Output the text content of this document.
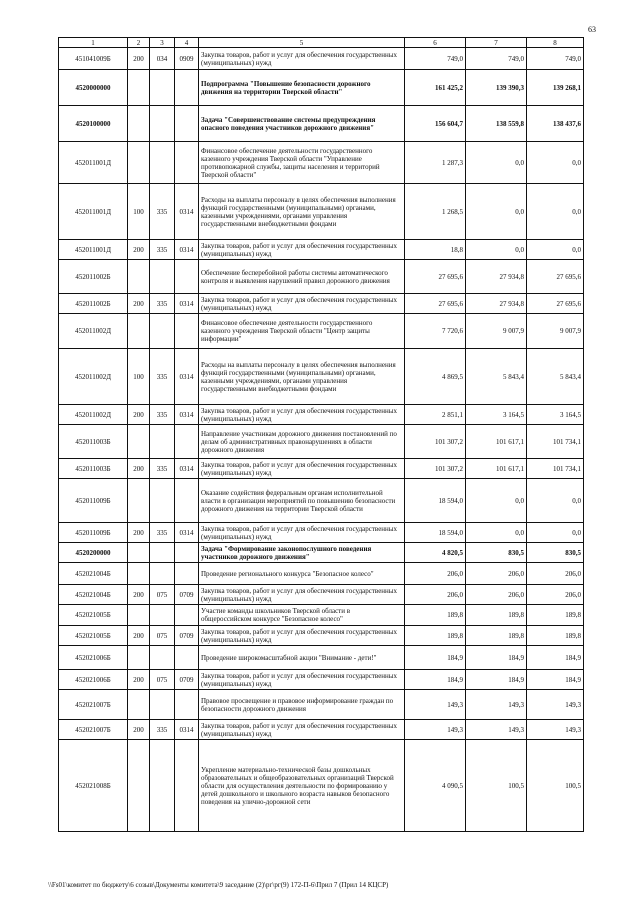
63
1	2	3	4	5	6	7	8
451041009Б	200	034	0909	Закупка товаров, работ и услуг для обеспечения государственных (муниципальных) нужд	749,0	749,0	749,0
4520000000				Подпрограмма "Повышение безопасности дорожного движения на территории Тверской области"	161 425,2	139 390,3	139 268,1
4520100000				Задача "Совершенствование системы предупреждения опасного поведения участников дорожного движения"	156 604,7	138 559,8	138 437,6
452011001Д				Финансовое обеспечение деятельности государственного казенного учреждения Тверской области "Управление противопожарной службы, защиты населения и территорий Тверской области"	1 287,3	0,0	0,0
452011001Д	100	335	0314	Расходы на выплаты персоналу в целях обеспечения выполнения функций государственными (муниципальными) органами, казенными учреждениями, органами управления государственными внебюджетными фондами	1 268,5	0,0	0,0
452011001Д	200	335	0314	Закупка товаров, работ и услуг для обеспечения государственных (муниципальных) нужд	18,8	0,0	0,0
452011002Б				Обеспечение бесперебойной работы системы автоматического контроля и выявления нарушений правил дорожного движения	27 695,6	27 934,8	27 695,6
452011002Б	200	335	0314	Закупка товаров, работ и услуг для обеспечения государственных (муниципальных) нужд	27 695,6	27 934,8	27 695,6
452011002Д				Финансовое обеспечение деятельности государственного казенного учреждения Тверской области "Центр защиты информации"	7 720,6	9 007,9	9 007,9
452011002Д	100	335	0314	Расходы на выплаты персоналу в целях обеспечения выполнения функций государственными (муниципальными) органами, казенными учреждениями, органами управления государственными внебюджетными фондами	4 869,5	5 843,4	5 843,4
452011002Д	200	335	0314	Закупка товаров, работ и услуг для обеспечения государственных (муниципальных) нужд	2 851,1	3 164,5	3 164,5
452011003Б				Направление участникам дорожного движения постановлений по делам об административных правонарушениях в области дорожного движения	101 307,2	101 617,1	101 734,1
452011003Б	200	335	0314	Закупка товаров, работ и услуг для обеспечения государственных (муниципальных) нужд	101 307,2	101 617,1	101 734,1
452011009Б				Оказание содействия федеральным органам исполнительной власти в организации мероприятий по повышению безопасности дорожного движения на территории Тверской области	18 594,0	0,0	0,0
452011009Б	200	335	0314	Закупка товаров, работ и услуг для обеспечения государственных (муниципальных) нужд	18 594,0	0,0	0,0
4520200000				Задача "Формирование законопослушного поведения участников дорожного движения"	4 820,5	830,5	830,5
452021004Б				Проведение регионального конкурса "Безопасное колесо"	206,0	206,0	206,0
452021004Б	200	075	0709	Закупка товаров, работ и услуг для обеспечения государственных (муниципальных) нужд	206,0	206,0	206,0
452021005Б				Участие команды школьников Тверской области в общероссийском конкурсе "Безопасное колесо"	189,8	189,8	189,8
452021005Б	200	075	0709	Закупка товаров, работ и услуг для обеспечения государственных (муниципальных) нужд	189,8	189,8	189,8
452021006Б				Проведение широкомасштабной акции "Внимание - дети!"	184,9	184,9	184,9
452021006Б	200	075	0709	Закупка товаров, работ и услуг для обеспечения государственных (муниципальных) нужд	184,9	184,9	184,9
452021007Б				Правовое просвещение и правовое информирование граждан по безопасности дорожного движения	149,3	149,3	149,3
452021007Б	200	335	0314	Закупка товаров, работ и услуг для обеспечения государственных (муниципальных) нужд	149,3	149,3	149,3
452021008Б				Укрепление материально-технической базы дошкольных образовательных и общеобразовательных организаций Тверской области для осуществления деятельности по формированию у детей дошкольного и школьного возраста навыков безопасного поведения на улично-дорожной сети	4 090,5	100,5	100,5
\\Fs01\комитет по бюджету\6 созыв\Документы комитета\9 заседание (2)\рг\рг(9) 172-П-6\Прил 7 (Прил 14 КЦСР)
